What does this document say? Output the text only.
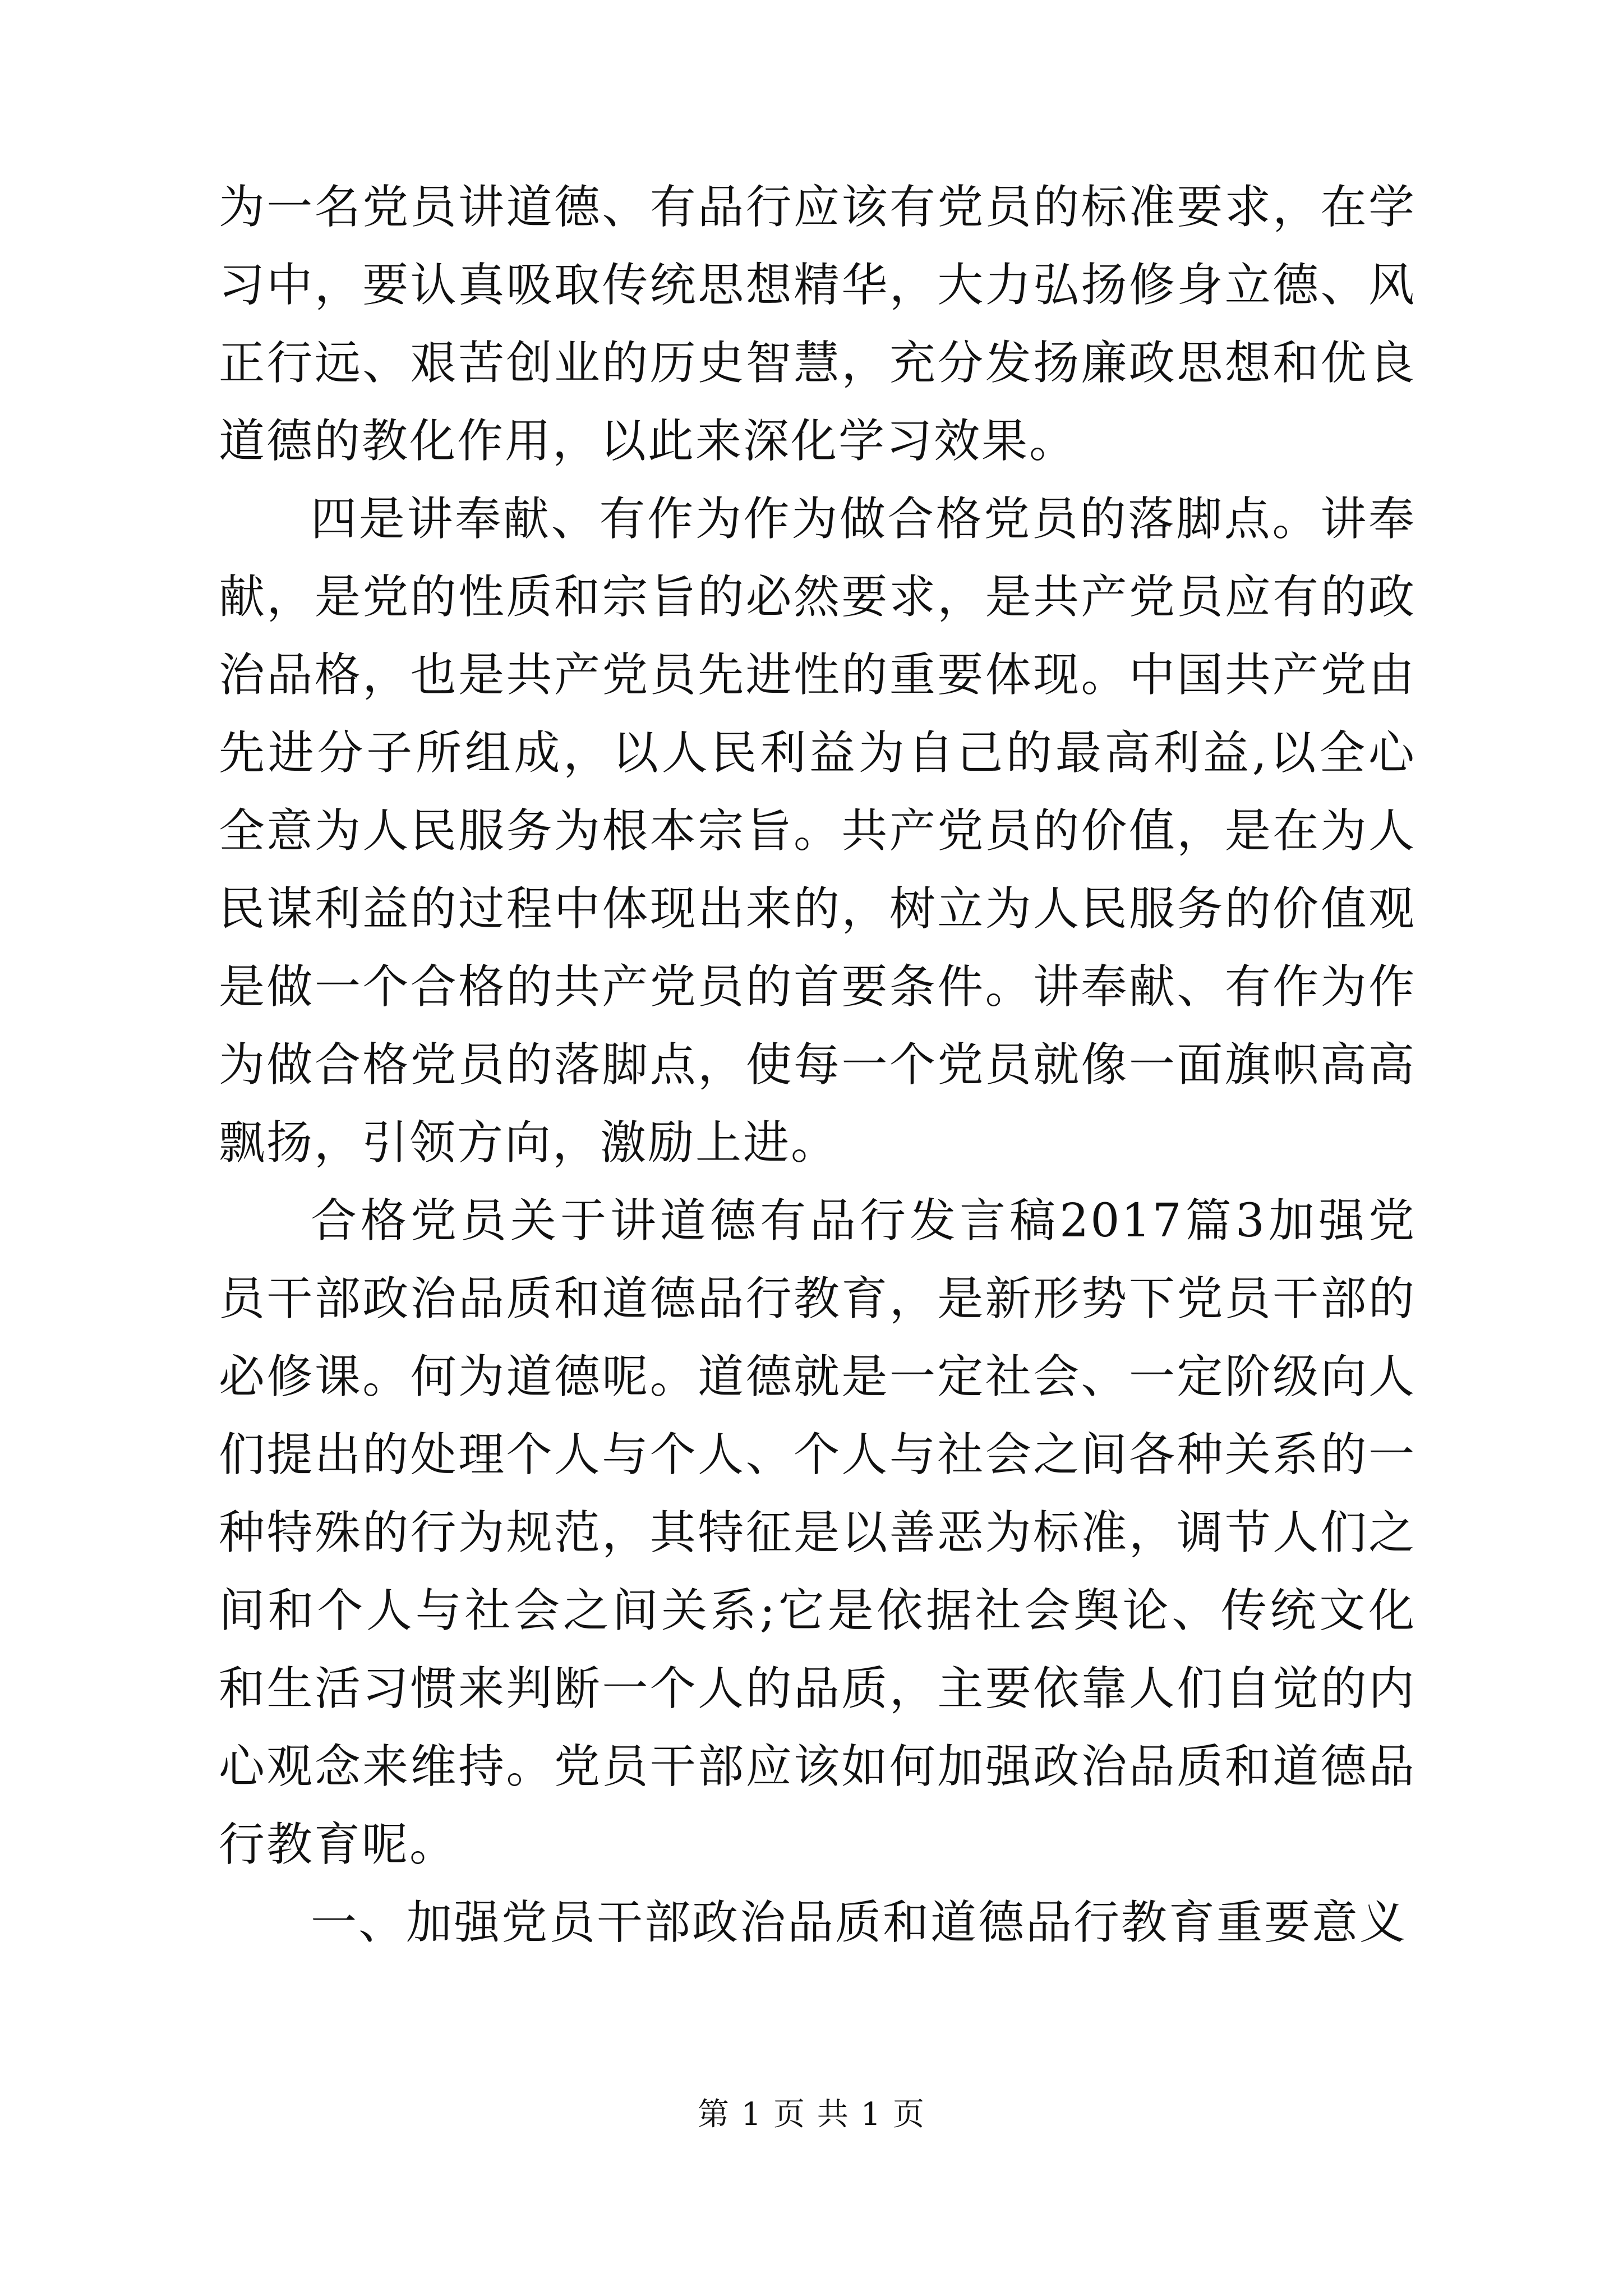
为一名党员讲道德、有品行应该有党员的标准要求，在学习中，要认真吸取传统思想精华，大力弘扬修身立德、风正行远、艰苦创业的历史智慧，充分发扬廉政思想和优良道德的教化作用，以此来深化学习效果。

四是讲奉献、有作为作为做合格党员的落脚点。讲奉献，是党的性质和宗旨的必然要求，是共产党员应有的政治品格，也是共产党员先进性的重要体现。中国共产党由先进分子所组成，以人民利益为自己的最高利益,以全心全意为人民服务为根本宗旨。共产党员的价值，是在为人民谋利益的过程中体现出来的，树立为人民服务的价值观是做一个合格的共产党员的首要条件。讲奉献、有作为作为做合格党员的落脚点，使每一个党员就像一面旗帜高高飘扬，引领方向，激励上进。

合格党员关于讲道德有品行发言稿2017篇3加强党员干部政治品质和道德品行教育，是新形势下党员干部的必修课。何为道德呢。道德就是一定社会、一定阶级向人们提出的处理个人与个人、个人与社会之间各种关系的一种特殊的行为规范，其特征是以善恶为标准，调节人们之间和个人与社会之间关系;它是依据社会舆论、传统文化和生活习惯来判断一个人的品质，主要依靠人们自觉的内心观念来维持。党员干部应该如何加强政治品质和道德品行教育呢。

一、加强党员干部政治品质和道德品行教育重要意义

第 1 页 共 1 页
